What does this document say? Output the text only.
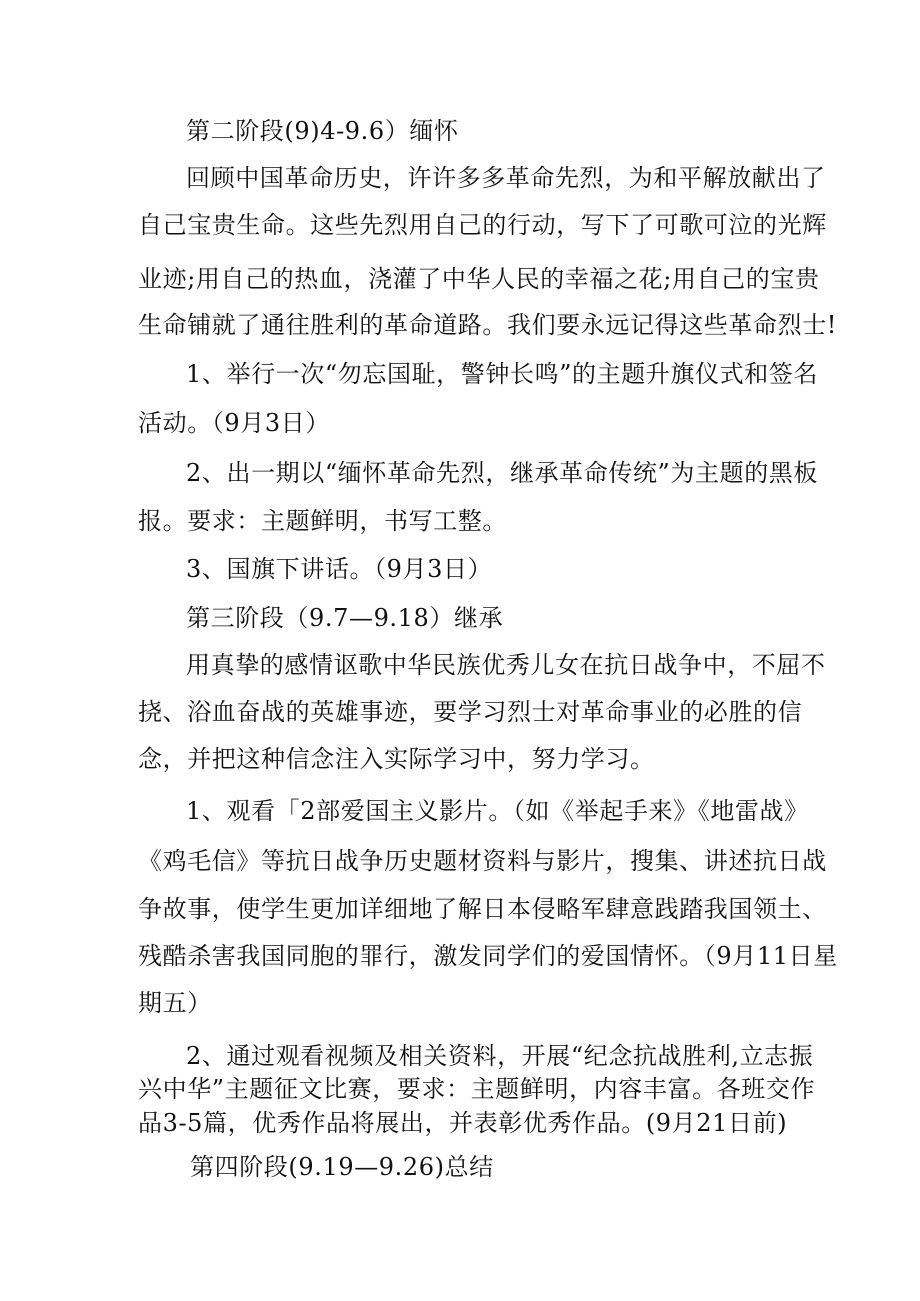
第二阶段(9)4-9.6）缅怀
回顾中国革命历史，许许多多革命先烈，为和平解放献出了
自己宝贵生命。这些先烈用自己的行动，写下了可歌可泣的光辉
业迹;用自己的热血，浇灌了中华人民的幸福之花;用自己的宝贵
生命铺就了通往胜利的革命道路。我们要永远记得这些革命烈士!
1、举行一次“勿忘国耻，警钟长鸣”的主题升旗仪式和签名
活动。（9月3日）
2、出一期以“缅怀革命先烈，继承革命传统”为主题的黑板
报。要求：主题鲜明，书写工整。
3、国旗下讲话。（9月3日）
第三阶段（9.7—9.18）继承
用真挚的感情讴歌中华民族优秀儿女在抗日战争中，不屈不
挠、浴血奋战的英雄事迹，要学习烈士对革命事业的必胜的信
念，并把这种信念注入实际学习中，努力学习。
1、观看「2部爱国主义影片。（如《举起手来》《地雷战》
《鸡毛信》等抗日战争历史题材资料与影片，搜集、讲述抗日战
争故事，使学生更加详细地了解日本侵略军肆意践踏我国领土、
残酷杀害我国同胞的罪行，激发同学们的爱国情怀。（9月11日星
期五）
2、通过观看视频及相关资料，开展“纪念抗战胜利,立志振
兴中华”主题征文比赛，要求：主题鲜明，内容丰富。各班交作
品3-5篇，优秀作品将展出，并表彰优秀作品。(9月21日前)
第四阶段(9.19—9.26)总结
